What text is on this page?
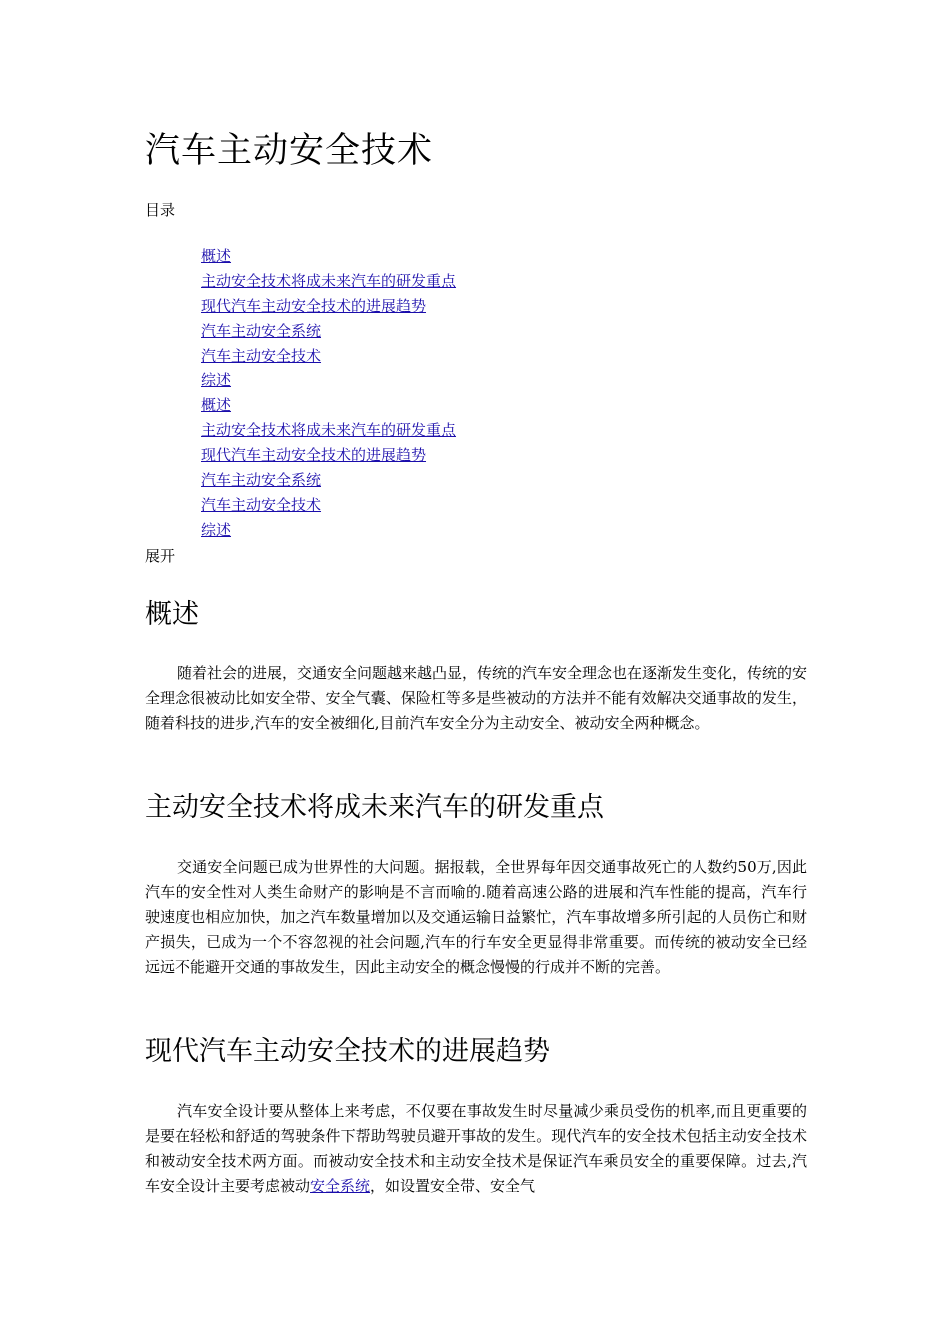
汽车主动安全技术
目录
概述
主动安全技术将成未来汽车的研发重点
现代汽车主动安全技术的进展趋势
汽车主动安全系统
汽车主动安全技术
综述
概述
主动安全技术将成未来汽车的研发重点
现代汽车主动安全技术的进展趋势
汽车主动安全系统
汽车主动安全技术
综述
展开
概述

随着社会的进展，交通安全问题越来越凸显，传统的汽车安全理念也在逐渐发生变化，传统的安全理念很被动比如安全带、安全气囊、保险杠等多是些被动的方法并不能有效解决交通事故的发生，随着科技的进步,汽车的安全被细化,目前汽车安全分为主动安全、被动安全两种概念。

主动安全技术将成未来汽车的研发重点

交通安全问题已成为世界性的大问题。据报载，全世界每年因交通事故死亡的人数约50万,因此汽车的安全性对人类生命财产的影响是不言而喻的.随着高速公路的进展和汽车性能的提高，汽车行驶速度也相应加快，加之汽车数量增加以及交通运输日益繁忙，汽车事故增多所引起的人员伤亡和财产损失，已成为一个不容忽视的社会问题,汽车的行车安全更显得非常重要。而传统的被动安全已经远远不能避开交通的事故发生，因此主动安全的概念慢慢的行成并不断的完善。

现代汽车主动安全技术的进展趋势

汽车安全设计要从整体上来考虑，不仅要在事故发生时尽量减少乘员受伤的机率,而且更重要的是要在轻松和舒适的驾驶条件下帮助驾驶员避开事故的发生。现代汽车的安全技术包括主动安全技术和被动安全技术两方面。而被动安全技术和主动安全技术是保证汽车乘员安全的重要保障。过去,汽车安全设计主要考虑被动安全系统，如设置安全带、安全气
